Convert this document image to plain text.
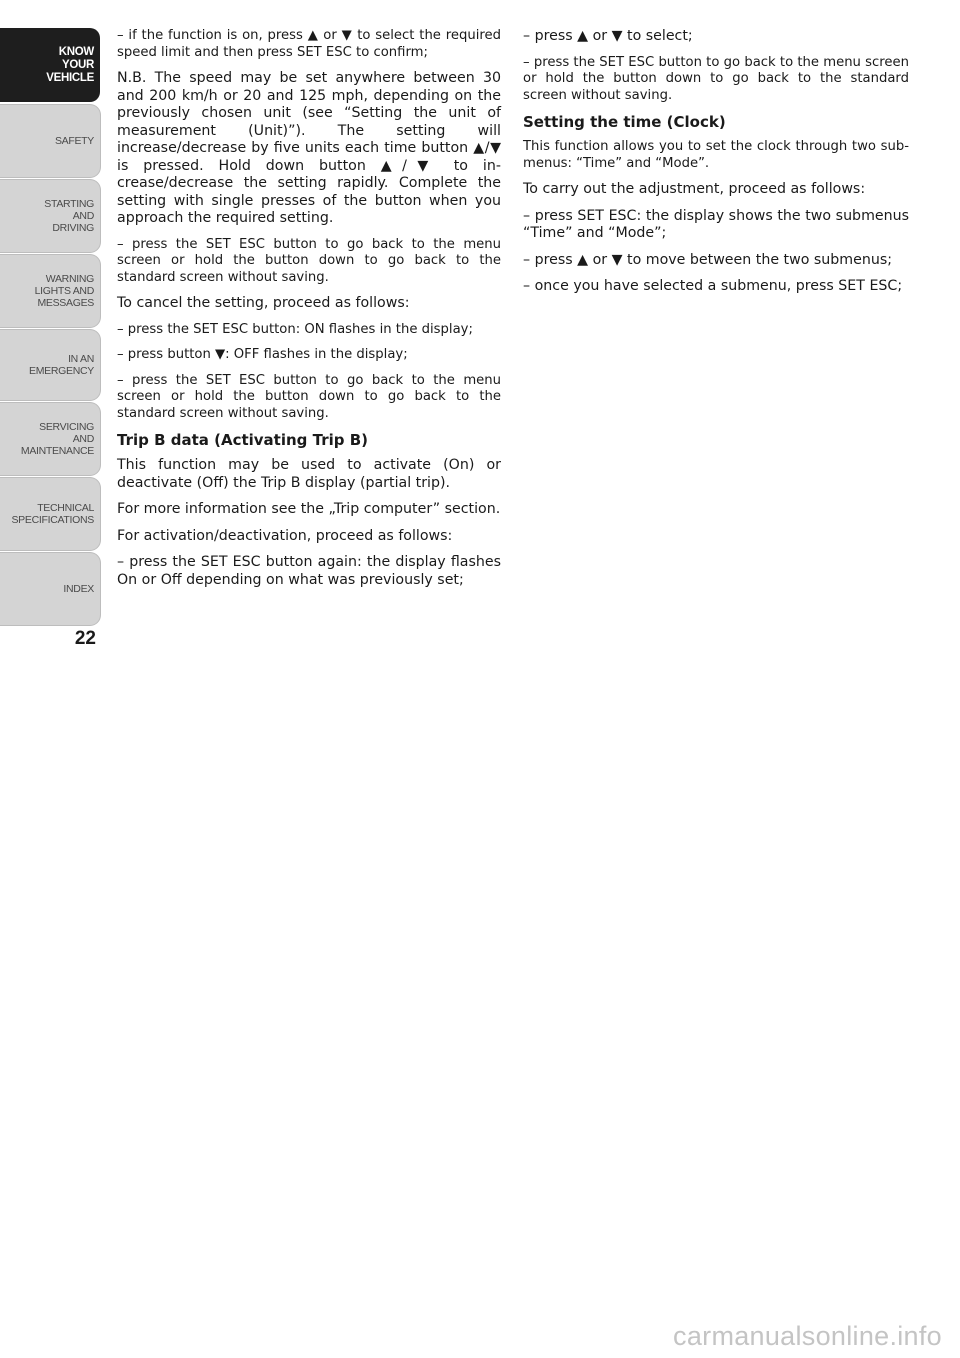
KNOW
YOUR
VEHICLE
SAFETY
STARTING
AND
DRIVING
WARNING
LIGHTS AND
MESSAGES
IN AN
EMERGENCY
SERVICING
AND
MAINTENANCE
TECHNICAL
SPECIFICATIONS
INDEX
22

– if the function is on, press ▲ or ▼ to select the required speed limit and then press SET ESC to confirm;

N.B. The speed may be set anywhere between 30 and 200 km/h or 20 and 125 mph, depending on the previously chosen unit (see “Setting the unit of measurement (Unit)”). The setting will increase/decrease by five units each time button ▲/▼ is pressed. Hold down button ▲/▼ to in-crease/decrease the setting rapidly. Complete the setting with single presses of the button when you approach the required setting.

– press the SET ESC button to go back to the menu screen or hold the button down to go back to the standard screen without saving.

To cancel the setting, proceed as follows:

– press the SET ESC button: ON flashes in the display;

– press button ▼: OFF flashes in the display;

– press the SET ESC button to go back to the menu screen or hold the button down to go back to the standard screen without saving.

Trip B data (Activating Trip B)

This function may be used to activate (On) or deactivate (Off) the Trip B display (partial trip).

For more information see the „Trip computer” section.

For activation/deactivation, proceed as follows:

– press the SET ESC button again: the display flashes On or Off depending on what was previously set;

– press ▲ or ▼ to select;

– press the SET ESC button to go back to the menu screen or hold the button down to go back to the standard screen without saving.

Setting the time (Clock)

This function allows you to set the clock through two sub-menus: “Time” and “Mode”.

To carry out the adjustment, proceed as follows:

– press SET ESC: the display shows the two submenus “Time” and “Mode”;

– press ▲ or ▼ to move between the two submenus;

– once you have selected a submenu, press SET ESC;

carmanualsonline.info
